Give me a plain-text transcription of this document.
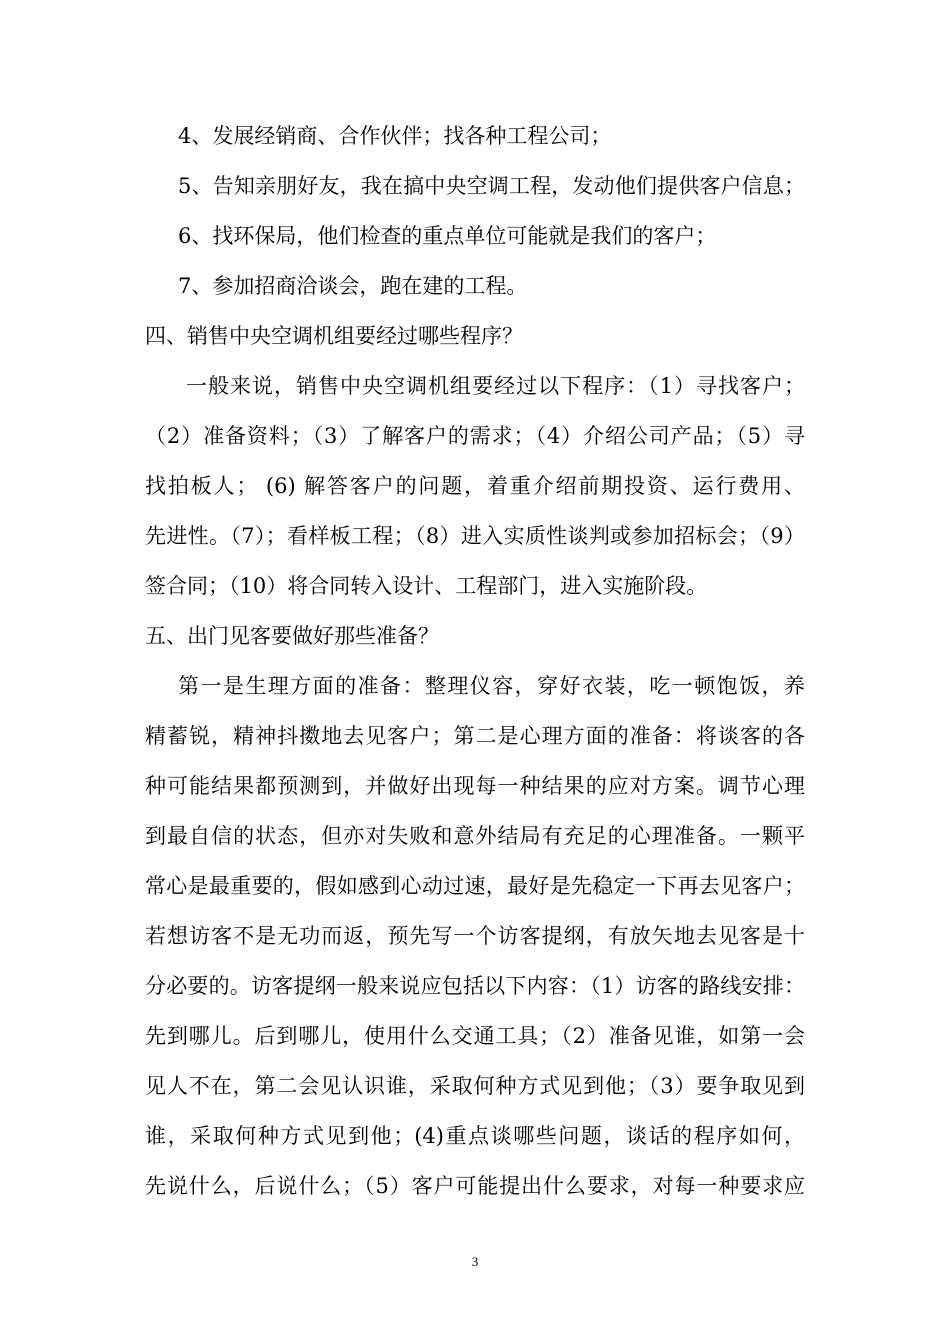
4、发展经销商、合作伙伴；找各种工程公司；
5、告知亲朋好友，我在搞中央空调工程，发动他们提供客户信息；
6、找环保局，他们检查的重点单位可能就是我们的客户；
7、参加招商洽谈会，跑在建的工程。
四、销售中央空调机组要经过哪些程序？
一般来说，销售中央空调机组要经过以下程序：（1）寻找客户；
（2）准备资料；（3）了解客户的需求；（4）介绍公司产品；（5）寻
找拍板人； (6) 解答客户的问题，着重介绍前期投资、运行费用、
先进性。（7）；看样板工程；（8）进入实质性谈判或参加招标会；（9）
签合同；（10）将合同转入设计、工程部门，进入实施阶段。
五、出门见客要做好那些准备？
第一是生理方面的准备：整理仪容，穿好衣装，吃一顿饱饭，养
精蓄锐，精神抖擞地去见客户；第二是心理方面的准备：将谈客的各
种可能结果都预测到，并做好出现每一种结果的应对方案。调节心理
到最自信的状态，但亦对失败和意外结局有充足的心理准备。一颗平
常心是最重要的，假如感到心动过速，最好是先稳定一下再去见客户；
若想访客不是无功而返，预先写一个访客提纲，有放矢地去见客是十
分必要的。访客提纲一般来说应包括以下内容：（1）访客的路线安排：
先到哪儿。后到哪儿，使用什么交通工具；（2）准备见谁，如第一会
见人不在，第二会见认识谁，采取何种方式见到他；（3）要争取见到
谁，采取何种方式见到他；(4)重点谈哪些问题，谈话的程序如何，
先说什么，后说什么；（5）客户可能提出什么要求，对每一种要求应
3
